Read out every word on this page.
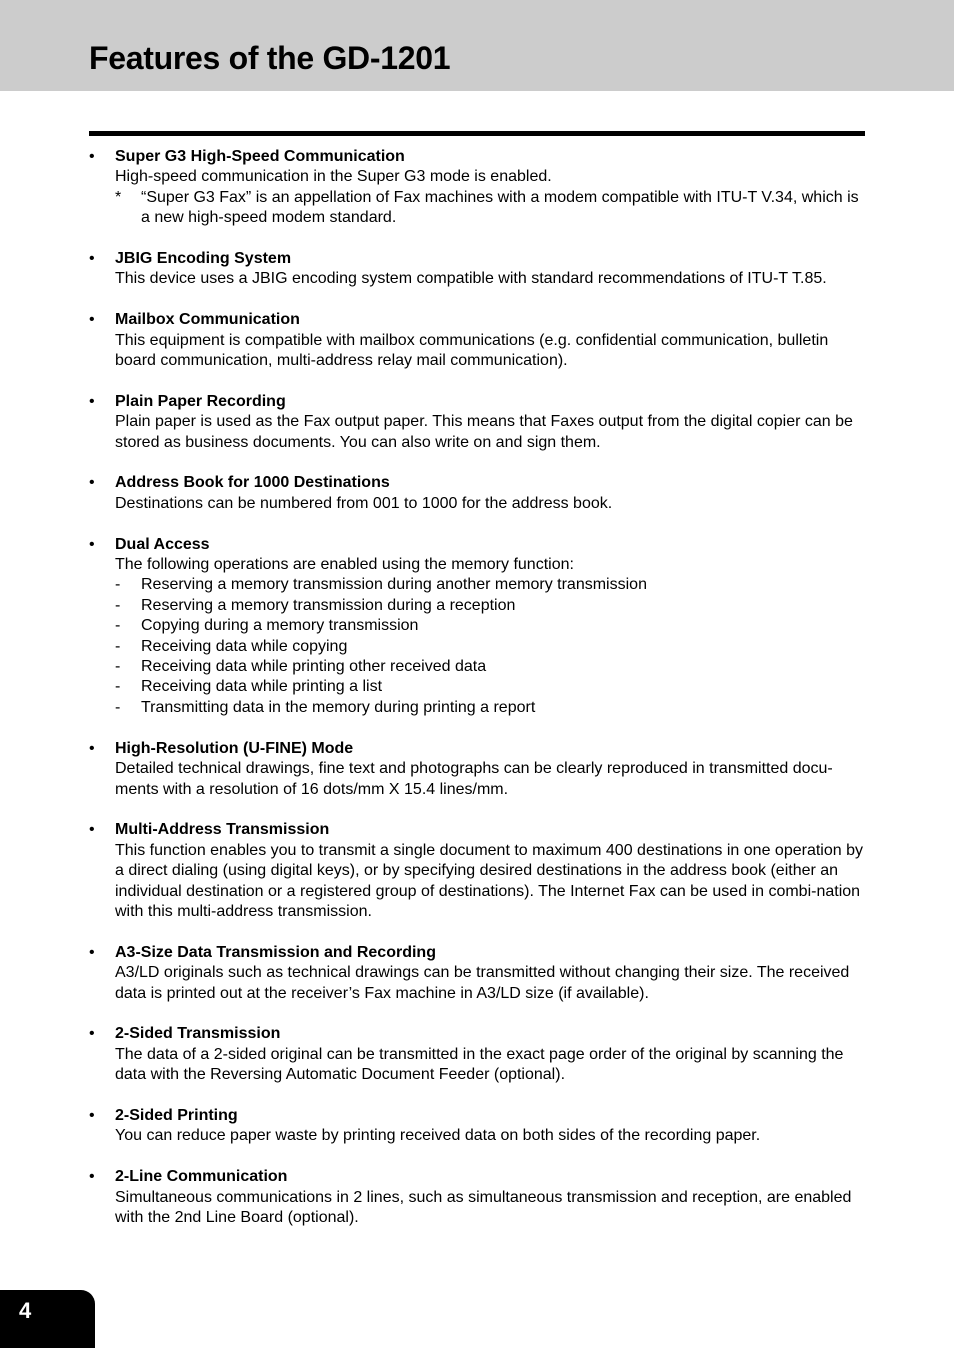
Features of the GD-1201
• Super G3 High-Speed Communication
High-speed communication in the Super G3 mode is enabled.
* “Super G3 Fax” is an appellation of Fax machines with a modem compatible with ITU-T V.34, which is a new high-speed modem standard.
• JBIG Encoding System
This device uses a JBIG encoding system compatible with standard recommendations of ITU-T T.85.
• Mailbox Communication
This equipment is compatible with mailbox communications (e.g. confidential communication, bulletin board communication, multi-address relay mail communication).
• Plain Paper Recording
Plain paper is used as the Fax output paper. This means that Faxes output from the digital copier can be stored as business documents. You can also write on and sign them.
• Address Book for 1000 Destinations
Destinations can be numbered from 001 to 1000 for the address book.
• Dual Access
The following operations are enabled using the memory function:
- Reserving a memory transmission during another memory transmission
- Reserving a memory transmission during a reception
- Copying during a memory transmission
- Receiving data while copying
- Receiving data while printing other received data
- Receiving data while printing a list
- Transmitting data in the memory during printing a report
• High-Resolution (U-FINE) Mode
Detailed technical drawings, fine text and photographs can be clearly reproduced in transmitted docu-ments with a resolution of 16 dots/mm X 15.4 lines/mm.
• Multi-Address Transmission
This function enables you to transmit a single document to maximum 400 destinations in one operation by a direct dialing (using digital keys), or by specifying desired destinations in the address book (either an individual destination or a registered group of destinations). The Internet Fax can be used in combi-nation with this multi-address transmission.
• A3-Size Data Transmission and Recording
A3/LD originals such as technical drawings can be transmitted without changing their size. The received data is printed out at the receiver’s Fax machine in A3/LD size (if available).
• 2-Sided Transmission
The data of a 2-sided original can be transmitted in the exact page order of the original by scanning the data with the Reversing Automatic Document Feeder (optional).
• 2-Sided Printing
You can reduce paper waste by printing received data on both sides of the recording paper.
• 2-Line Communication
Simultaneous communications in 2 lines, such as simultaneous transmission and reception, are enabled with the 2nd Line Board (optional).
4
